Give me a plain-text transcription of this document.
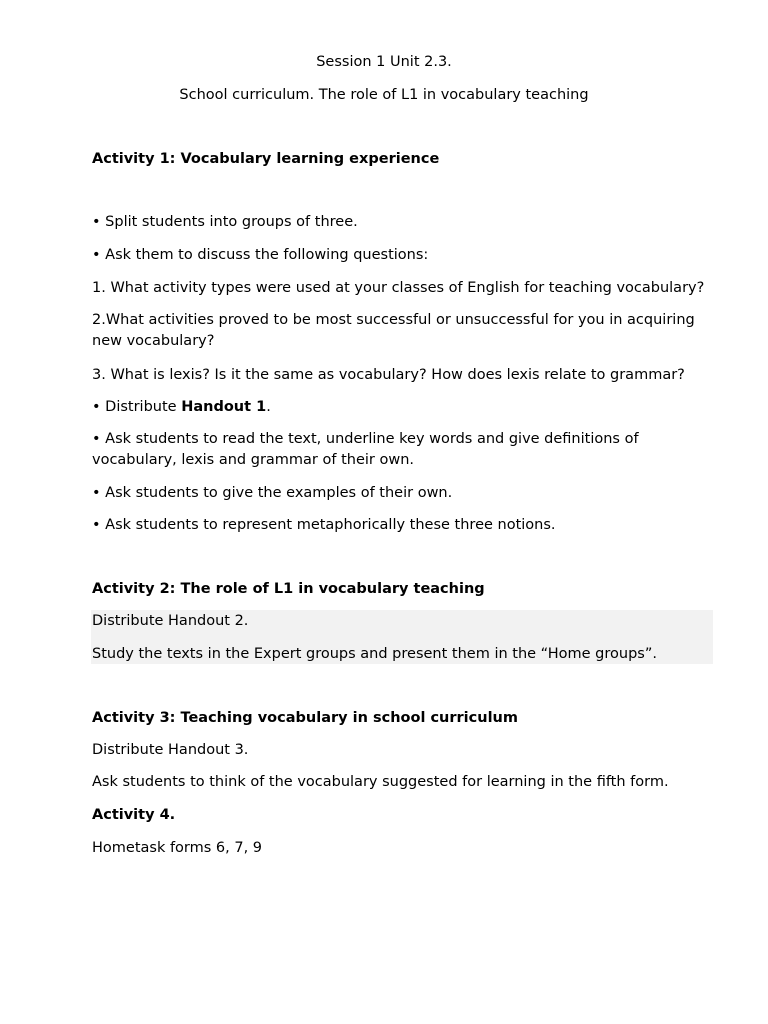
Session 1 Unit 2.3.
School curriculum. The role of L1 in vocabulary teaching
Activity 1: Vocabulary learning experience
• Split students into groups of three.
• Ask them to discuss the following questions:
1. What activity types were used at your classes of English for teaching vocabulary?
2.What activities proved to be most successful or unsuccessful for you in acquiring new vocabulary?
3. What is lexis? Is it the same as vocabulary? How does lexis relate to grammar?
• Distribute Handout 1.
• Ask students to read the text, underline key words and give definitions of vocabulary, lexis and grammar of their own.
• Ask students to give the examples of their own.
• Ask students to represent metaphorically these three notions.
Activity 2: The role of L1 in vocabulary teaching
Distribute Handout 2.
Study the texts in the Expert groups and present them in the “Home groups”.
Activity 3: Teaching vocabulary in school curriculum
Distribute Handout 3.
Ask students to think of the vocabulary suggested for learning in the fifth form.
Activity 4.
Hometask forms 6, 7, 9
